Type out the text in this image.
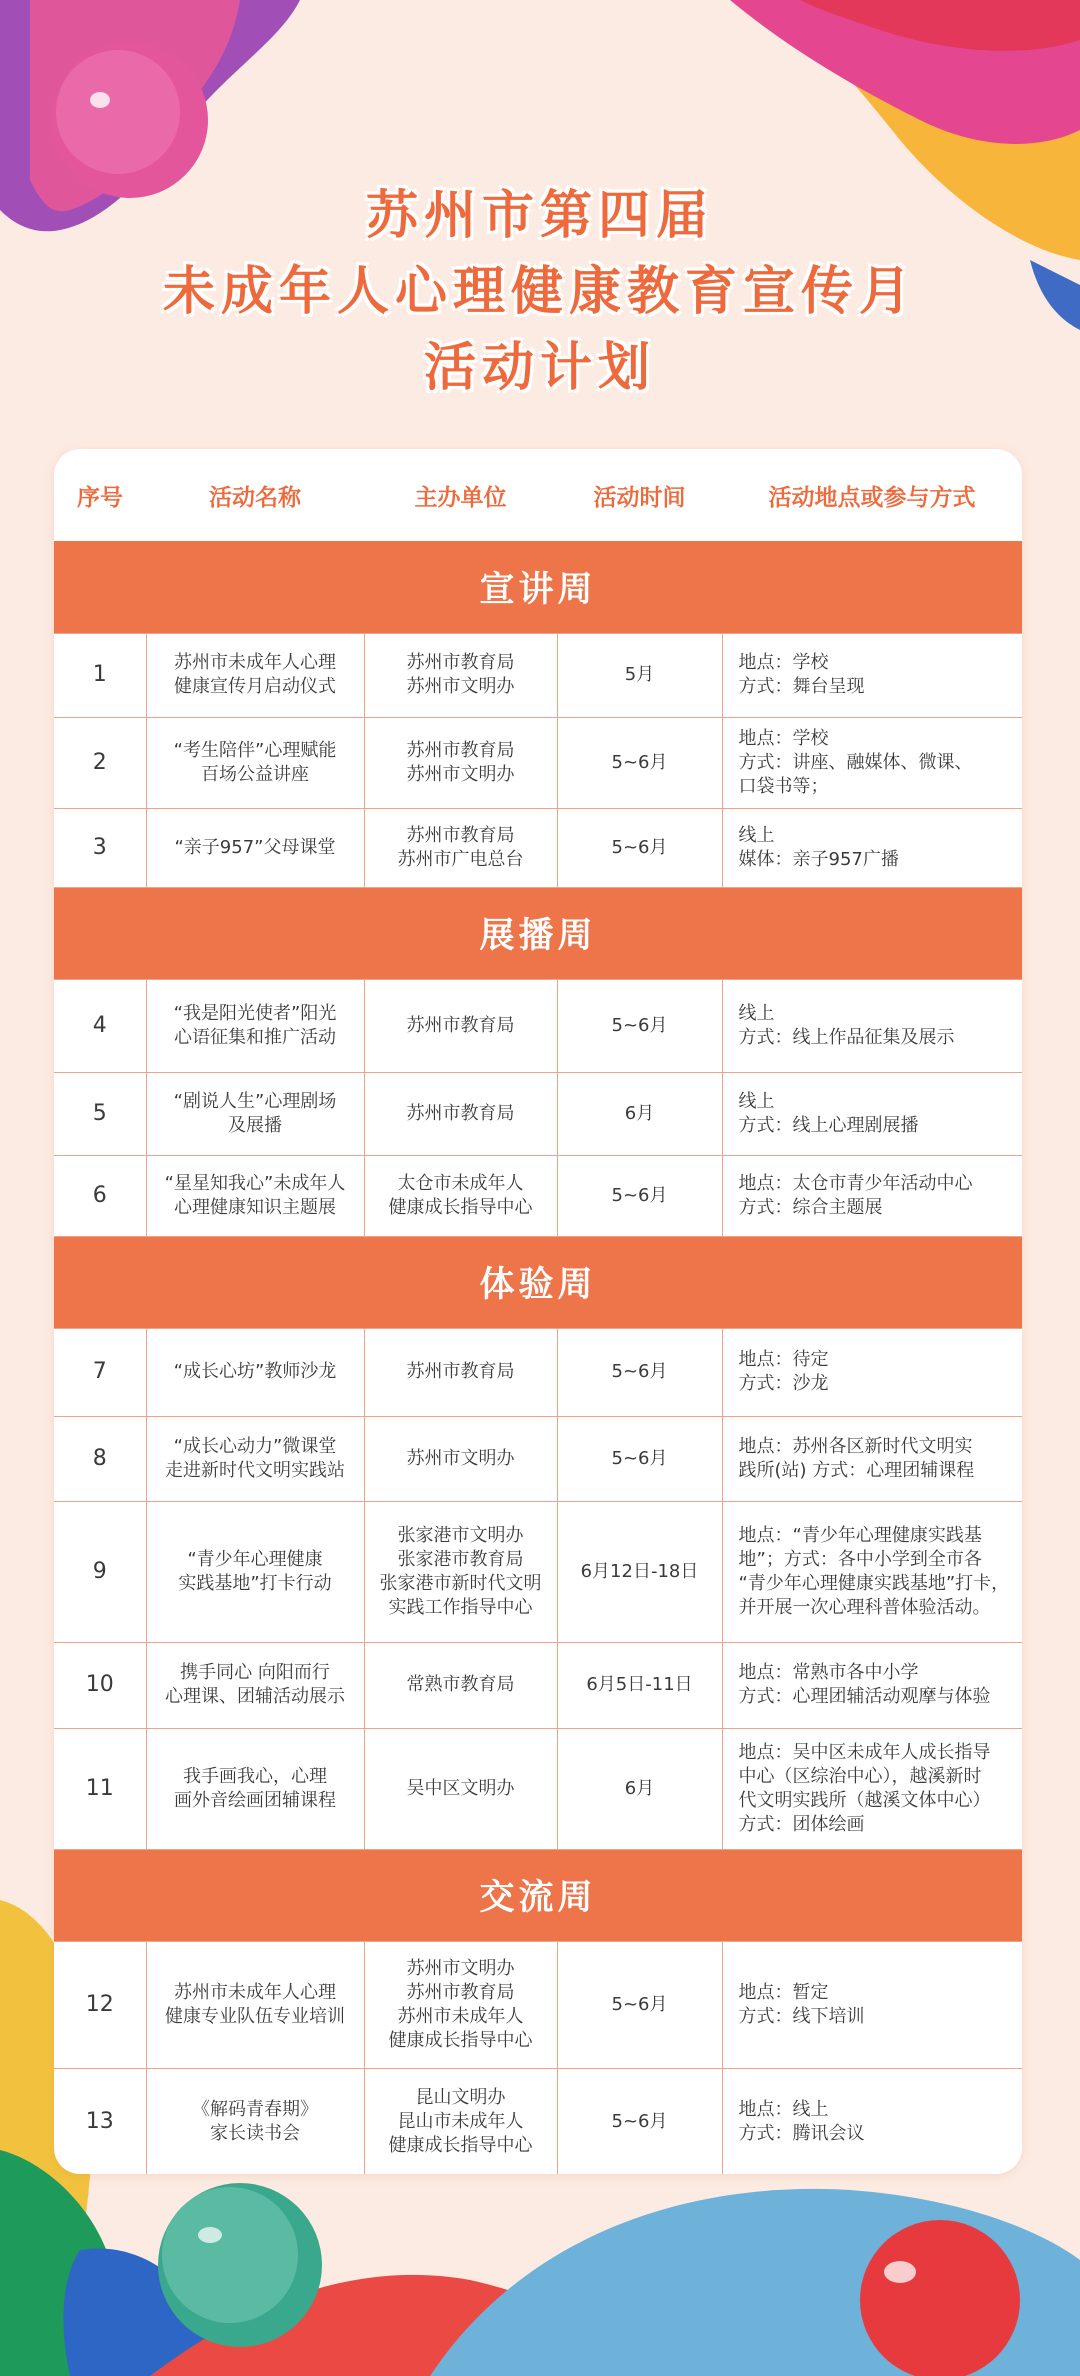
苏州市第四届
未成年人心理健康教育宣传月
活动计划
序号	活动名称	主办单位	活动时间	活动地点或参与方式
宣讲周				
1	苏州市未成年人心理
健康宣传月启动仪式	苏州市教育局
苏州市文明办	5月	地点：学校
方式：舞台呈现
2	“考生陪伴”心理赋能
百场公益讲座	苏州市教育局
苏州市文明办	5~6月	地点：学校
方式：讲座、融媒体、微课、
口袋书等；
3	“亲子957”父母课堂	苏州市教育局
苏州市广电总台	5~6月	线上
媒体：亲子957广播
展播周				
4	“我是阳光使者”阳光
心语征集和推广活动	苏州市教育局	5~6月	线上
方式：线上作品征集及展示
5	“剧说人生”心理剧场
及展播	苏州市教育局	6月	线上
方式：线上心理剧展播
6	“星星知我心”未成年人
心理健康知识主题展	太仓市未成年人
健康成长指导中心	5~6月	地点：太仓市青少年活动中心
方式：综合主题展
体验周				
7	“成长心坊”教师沙龙	苏州市教育局	5~6月	地点：待定
方式：沙龙
8	“成长心动力”微课堂
走进新时代文明实践站	苏州市文明办	5~6月	地点：苏州各区新时代文明实
践所(站) 方式：心理团辅课程
9	“青少年心理健康
实践基地”打卡行动	张家港市文明办
张家港市教育局
张家港市新时代文明
实践工作指导中心	6月12日-18日	地点：“青少年心理健康实践基
地”；方式：各中小学到全市各
“青少年心理健康实践基地”打卡，
并开展一次心理科普体验活动。
10	携手同心 向阳而行
心理课、团辅活动展示	常熟市教育局	6月5日-11日	地点：常熟市各中小学
方式：心理团辅活动观摩与体验
11	我手画我心，心理
画外音绘画团辅课程	吴中区文明办	6月	地点：吴中区未成年人成长指导
中心（区综治中心），越溪新时
代文明实践所（越溪文体中心）
方式：团体绘画
交流周				
12	苏州市未成年人心理
健康专业队伍专业培训	苏州市文明办
苏州市教育局
苏州市未成年人
健康成长指导中心	5~6月	地点：暂定
方式：线下培训
13	《解码青春期》
家长读书会	昆山文明办
昆山市未成年人
健康成长指导中心	5~6月	地点：线上
方式：腾讯会议
